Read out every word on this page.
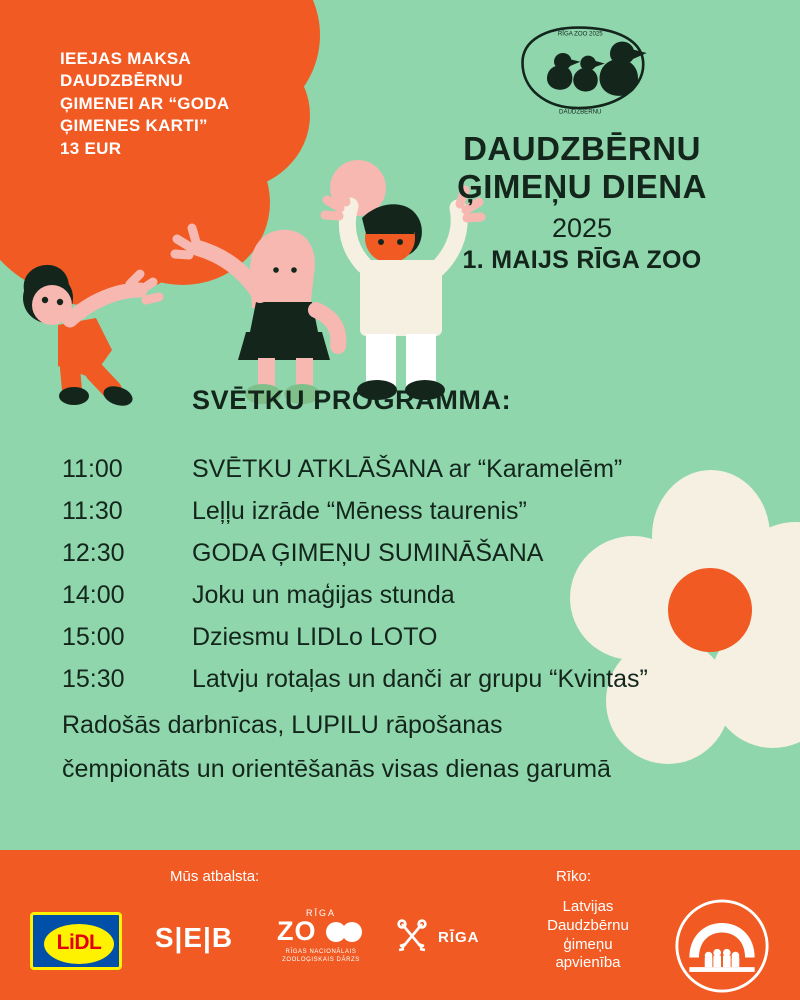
IEEJAS MAKSA
DAUDZBĒRNU
ĢIMENEI AR “GODA
ĢIMENES KARTI”
13 EUR
RĪGA ZOO 2025
DAUDZBĒRNU
DAUDZBĒRNU
ĢIMEŅU DIENA
2025
1. MAIJS RĪGA ZOO
SVĒTKU PROGRAMMA:
11:00	SVĒTKU ATKLĀŠANA ar “Karamelēm”
11:30	Leļļu izrāde “Mēness taurenis”
12:30	GODA ĢIMEŅU SUMINĀŠANA
14:00	Joku un maģijas stunda
15:00	Dziesmu LIDLo LOTO
15:30	Latvju rotaļas un danči ar grupu “Kvintas”
Radošās darbnīcas, LUPILU rāpošanas
čempionāts un orientēšanās visas dienas garumā
Mūs atbalsta:	Rīko:
LiDL	S|E|B
RĪGA
ZO
RĪGAS NACIONĀLAIS ZOOLOĢISKAIS DĀRZS
RĪGA
Latvijas
Daudzbērnu
ģimeņu
apvienība
